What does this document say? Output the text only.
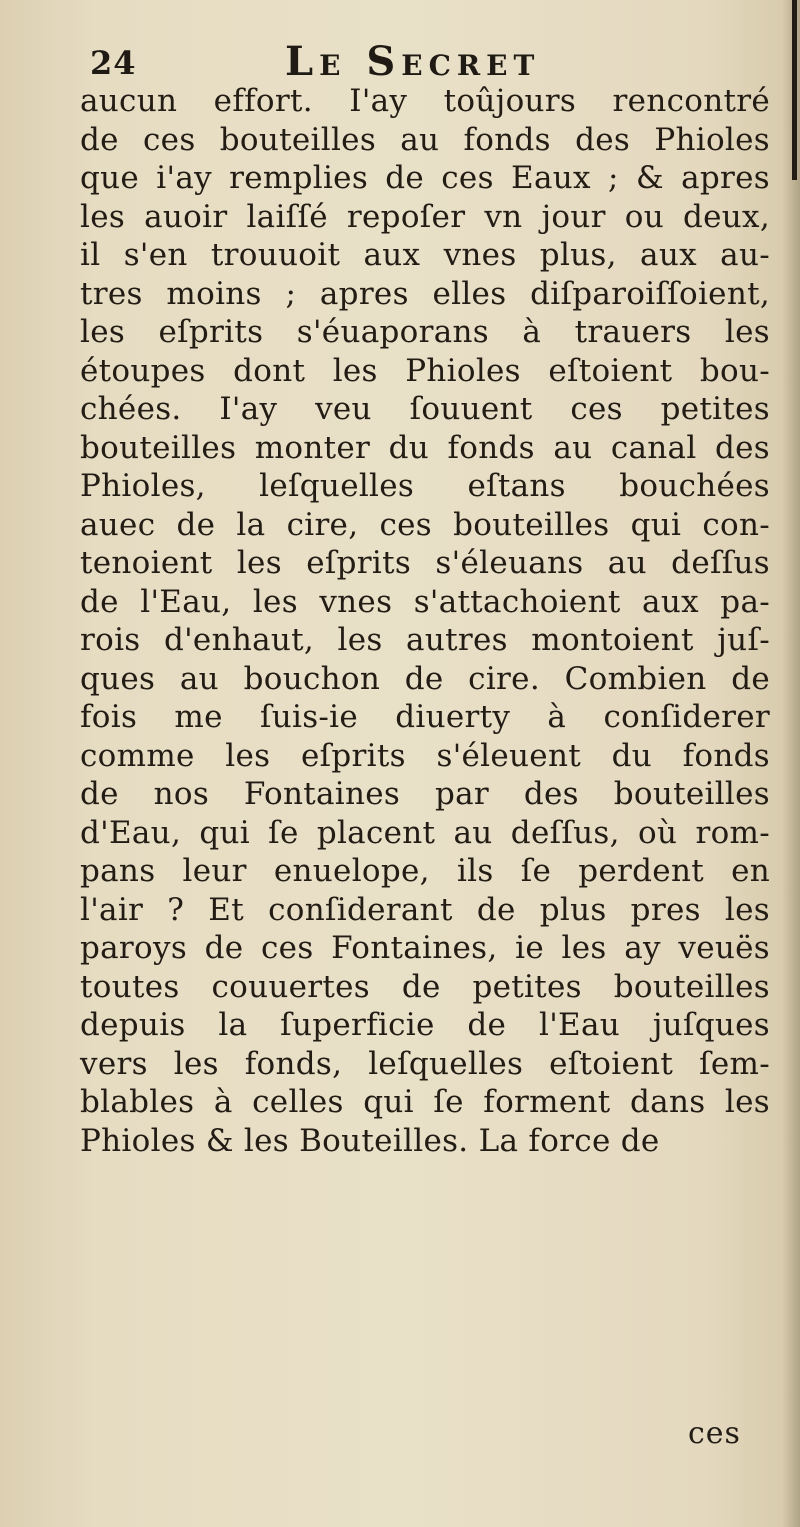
24	Le Secret
aucun effort. I'ay toûjours rencontré
de ces bouteilles au fonds des Phioles
que i'ay remplies de ces Eaux ; & apres
les auoir laiſſé repoſer vn jour ou deux,
il s'en trouuoit aux vnes plus, aux au-
tres moins ; apres elles diſparoiſſoient,
les eſprits s'éuaporans à trauers les
étoupes dont les Phioles eſtoient bou-
chées. I'ay veu ſouuent ces petites
bouteilles monter du fonds au canal des
Phioles, leſquelles eſtans bouchées
auec de la cire, ces bouteilles qui con-
tenoient les eſprits s'éleuans au deſſus
de l'Eau, les vnes s'attachoient aux pa-
rois d'enhaut, les autres montoient juſ-
ques au bouchon de cire. Combien de
fois me ſuis-ie diuerty à conſiderer
comme les eſprits s'éleuent du fonds
de nos Fontaines par des bouteilles
d'Eau, qui ſe placent au deſſus, où rom-
pans leur enuelope, ils ſe perdent en
l'air ? Et conſiderant de plus pres les
paroys de ces Fontaines, ie les ay veuës
toutes couuertes de petites bouteilles
depuis la ſuperficie de l'Eau juſques
vers les fonds, leſquelles eſtoient ſem-
blables à celles qui ſe forment dans les
Phioles & les Bouteilles. La force de
ces
